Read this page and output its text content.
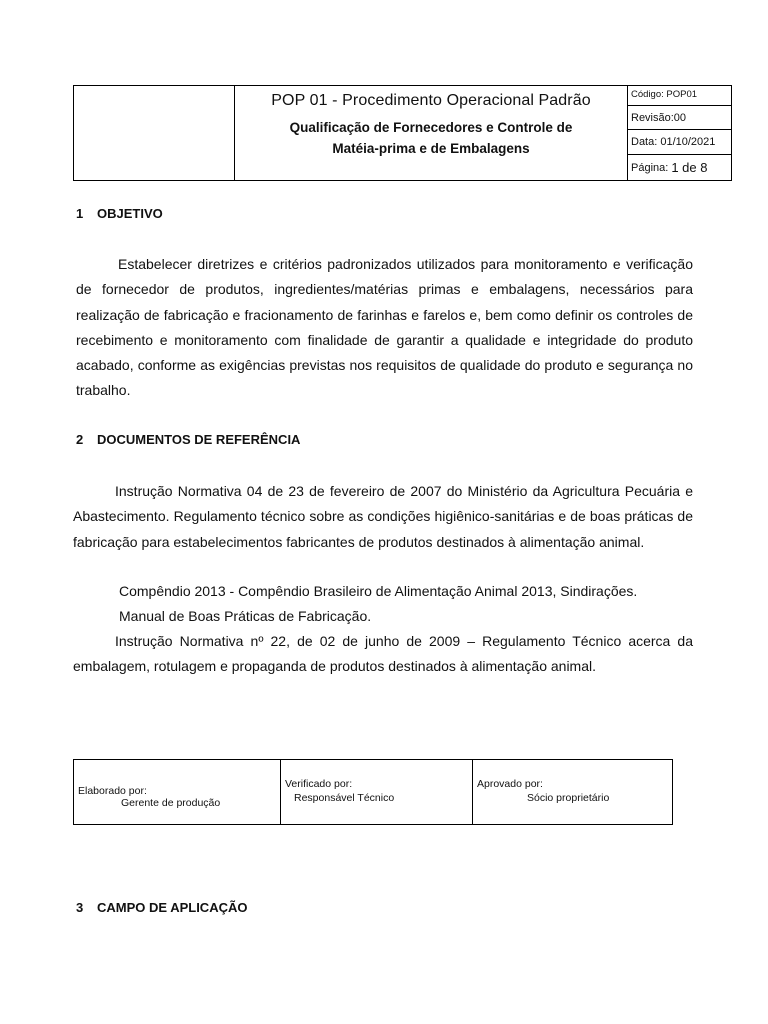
POP 01 - Procedimento Operacional Padrão
Qualificação de Fornecedores e Controle de
Matéia-prima e de Embalagens
Código: POP01
Revisão:00
Data: 01/10/2021
Página: 1 de 8
1 OBJETIVO

Estabelecer diretrizes e critérios padronizados utilizados para monitoramento e verificação de fornecedor de produtos, ingredientes/matérias primas e embalagens, necessários para realização de fabricação e fracionamento de farinhas e farelos e, bem como definir os controles de recebimento e monitoramento com finalidade de garantir a qualidade e integridade do produto acabado, conforme as exigências previstas nos requisitos de qualidade do produto e segurança no trabalho.

2 DOCUMENTOS DE REFERÊNCIA

Instrução Normativa 04 de 23 de fevereiro de 2007 do Ministério da Agricultura Pecuária e Abastecimento. Regulamento técnico sobre as condições higiênico-sanitárias e de boas práticas de fabricação para estabelecimentos fabricantes de produtos destinados à alimentação animal.

Compêndio 2013 - Compêndio Brasileiro de Alimentação Animal 2013, Sindirações.

Manual de Boas Práticas de Fabricação.

Instrução Normativa nº 22, de 02 de junho de 2009 – Regulamento Técnico acerca da embalagem, rotulagem e propaganda de produtos destinados à alimentação animal.

Elaborado por:
Gerente de produção
Verificado por:
Responsável Técnico
Aprovado por:
Sócio proprietário
3 CAMPO DE APLICAÇÃO
